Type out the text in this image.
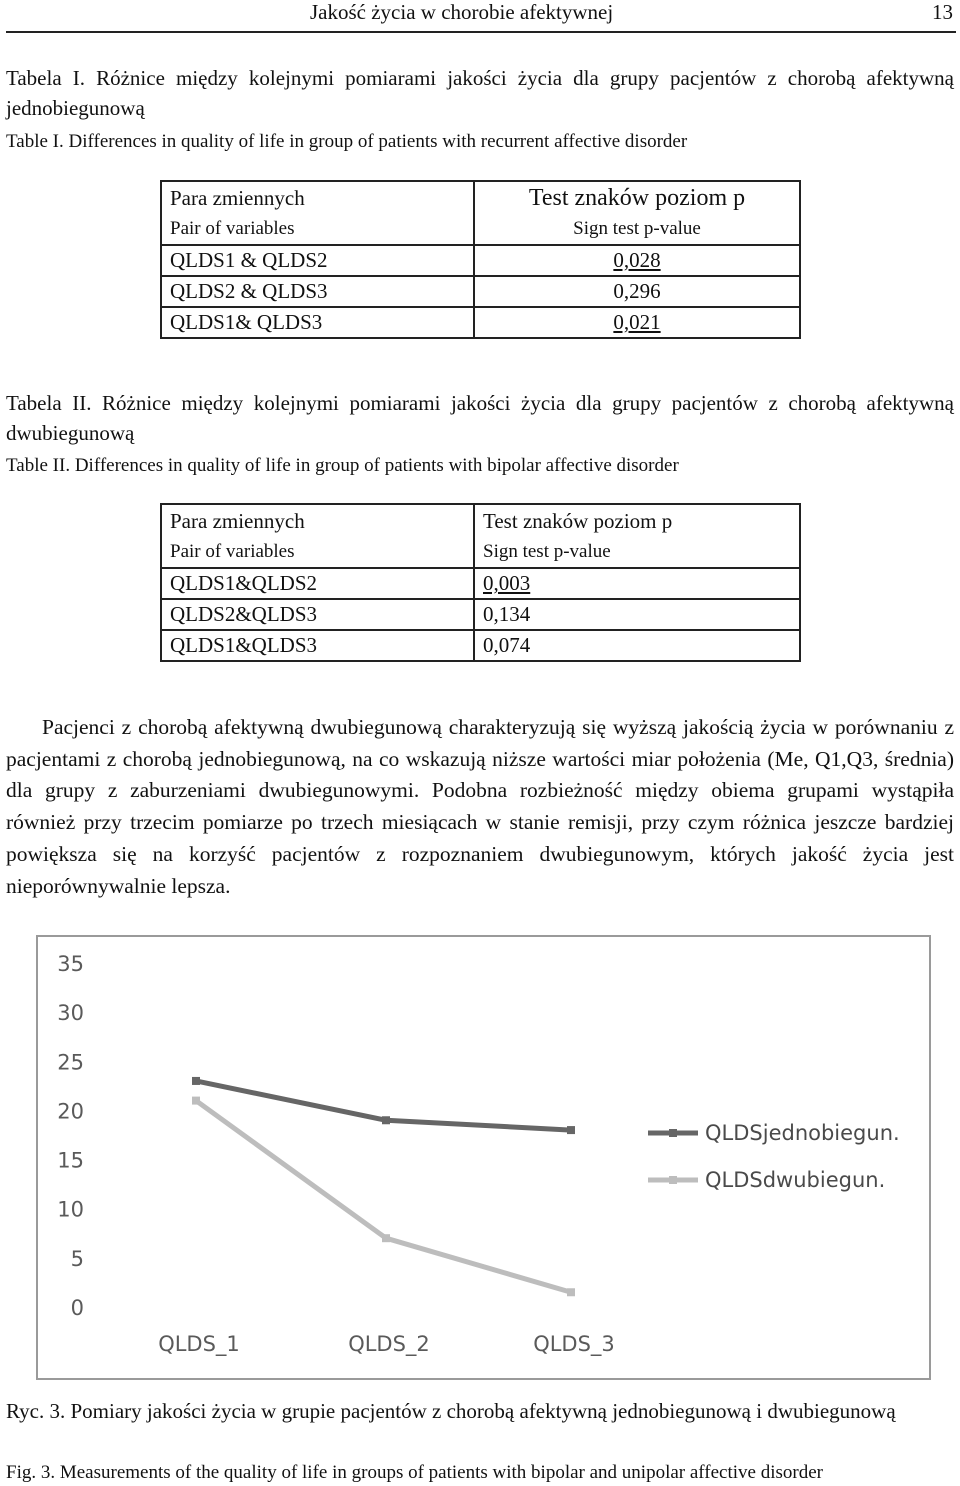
Jakość życia w chorobie afektywnej	13
Tabela I. Różnice między kolejnymi pomiarami jakości życia dla grupy pacjentów z chorobą afektywną jednobiegunową
Table I. Differences in quality of life in group of patients with recurrent affective disorder
Para zmiennych	Test znaków poziom p
Pair of variables	Sign test p-value
QLDS1 & QLDS2	0,028
QLDS2 & QLDS3	0,296
QLDS1& QLDS3	0,021
Tabela II. Różnice między kolejnymi pomiarami jakości życia dla grupy pacjentów z chorobą afektywną dwubiegunową
Table II. Differences in quality of life in group of patients with bipolar affective disorder
Para zmiennych	Test znaków poziom p
Pair of variables	Sign test p-value
QLDS1&QLDS2	0,003
QLDS2&QLDS3	0,134
QLDS1&QLDS3	0,074
Pacjenci z chorobą afektywną dwubiegunową charakteryzują się wyższą jakością życia w porównaniu z pacjentami z chorobą jednobiegunową, na co wskazują niższe wartości miar położenia (Me, Q1,Q3, średnia) dla grupy z zaburzeniami dwubiegunowymi. Podobna rozbieżność między obiema grupami wystąpiła również przy trzecim pomiarze po trzech miesiącach w stanie remisji, przy czym różnica jeszcze bardziej powiększa się na korzyść pacjentów z rozpoznaniem dwubiegunowym, których jakość życia jest nieporównywalnie lepsza.
0
5
10
15
20
25
30
35
QLDS_1	QLDS_2	QLDS_3
QLDSjednobiegun.
QLDSdwubiegun.
Ryc. 3. Pomiary jakości życia w grupie pacjentów z chorobą afektywną jednobiegunową i dwubiegunową
Fig. 3. Measurements of the quality of life in groups of patients with bipolar and unipolar affective disorder
